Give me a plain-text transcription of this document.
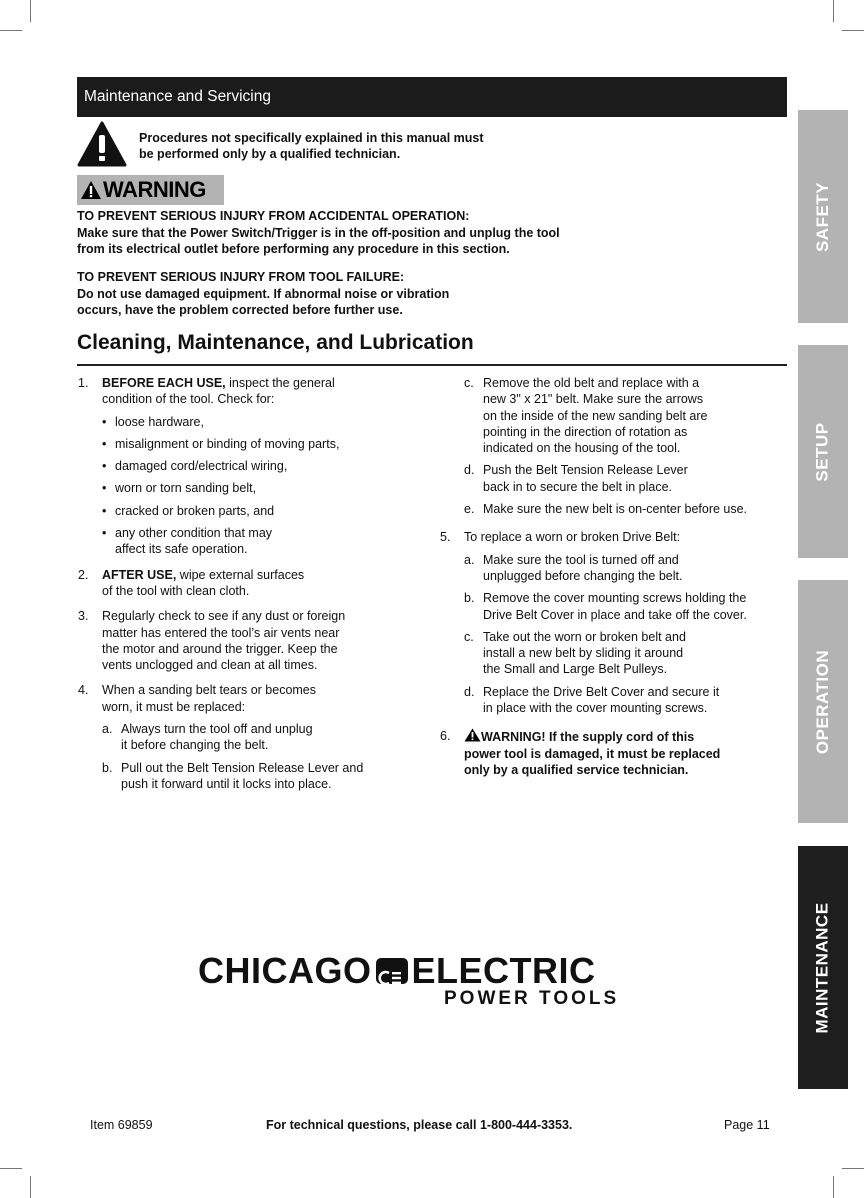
Maintenance and Servicing
Procedures not specifically explained in this manual must
be performed only by a qualified technician.
WARNING
TO PREVENT SERIOUS INJURY FROM ACCIDENTAL OPERATION:
Make sure that the Power Switch/Trigger is in the off-position and unplug the tool
from its electrical outlet before performing any procedure in this section.
TO PREVENT SERIOUS INJURY FROM TOOL FAILURE:
Do not use damaged equipment. If abnormal noise or vibration
occurs, have the problem corrected before further use.
Cleaning, Maintenance, and Lubrication
1. BEFORE EACH USE, inspect the general

condition of the tool. Check for:

• loose hardware,
• misalignment or binding of moving parts,
• damaged cord/electrical wiring,
• worn or torn sanding belt,
• cracked or broken parts, and

• any other condition that may

affect its safe operation.

2. AFTER USE, wipe external surfaces

of the tool with clean cloth.

3. Regularly check to see if any dust or foreign

matter has entered the tool’s air vents near

the motor and around the trigger. Keep the

vents unclogged and clean at all times.

4. When a sanding belt tears or becomes

worn, it must be replaced:

a. Always turn the tool off and unplug

it before changing the belt.

b. Pull out the Belt Tension Release Lever and

push it forward until it locks into place.

c. Remove the old belt and replace with a

new 3" x 21" belt. Make sure the arrows

on the inside of the new sanding belt are

pointing in the direction of rotation as

indicated on the housing of the tool.

d. Push the Belt Tension Release Lever

back in to secure the belt in place.

e. Make sure the new belt is on-center before use.

5. To replace a worn or broken Drive Belt:

a. Make sure the tool is turned off and

unplugged before changing the belt.

b. Remove the cover mounting screws holding the

Drive Belt Cover in place and take off the cover.

c. Take out the worn or broken belt and

install a new belt by sliding it around

the Small and Large Belt Pulleys.

d. Replace the Drive Belt Cover and secure it

in place with the cover mounting screws.

6.	WARNING! If the supply cord of this

power tool is damaged, it must be replaced

only by a qualified service technician.

SAFETY
SETUP
OPERATION
MAINTENANCE
CHICAGO ELECTRIC
POWER TOOLS
Item 69859	For technical questions, please call 1-800-444-3353.	Page 11
